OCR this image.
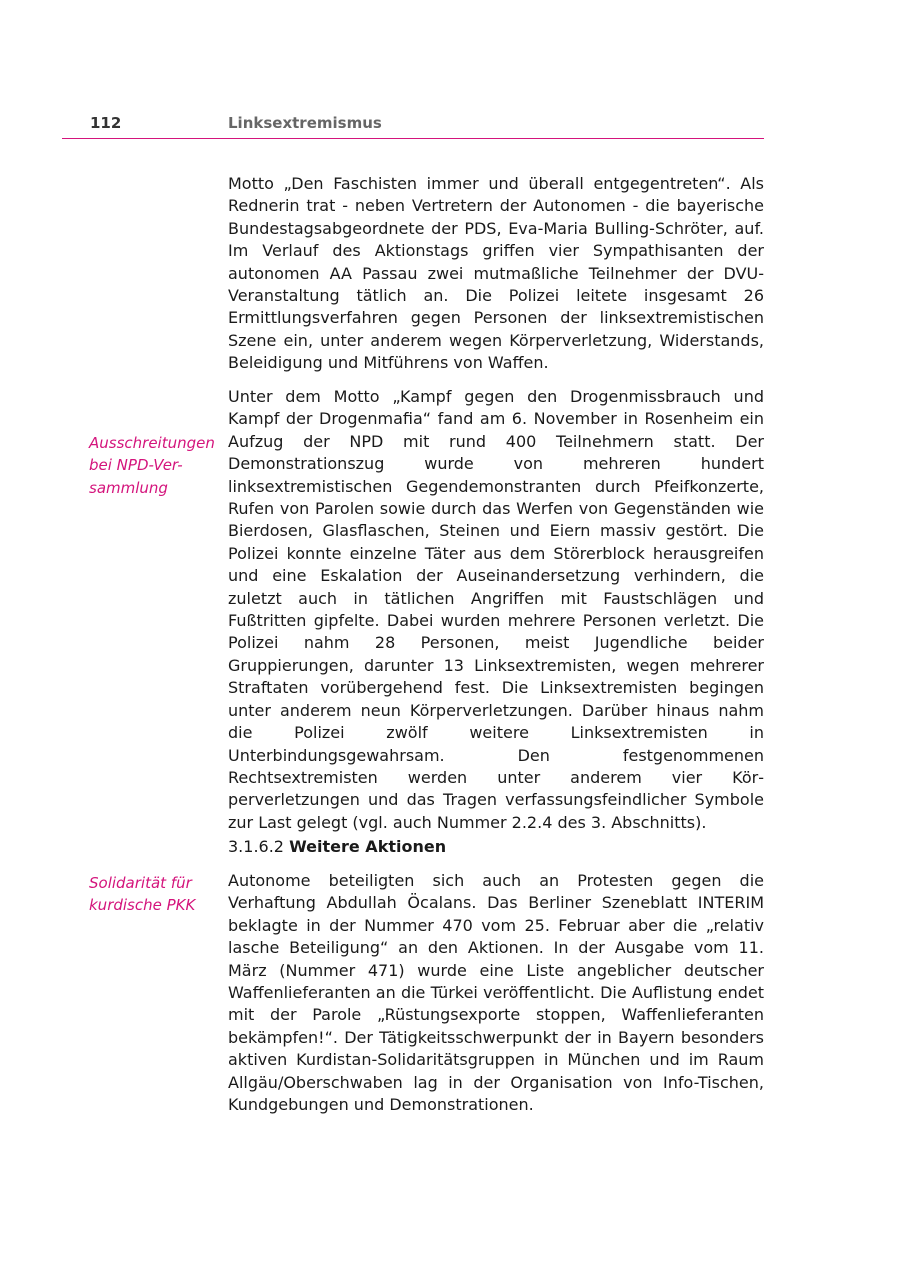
112	Linksextremismus
Ausschreitungen
bei NPD-Ver-
sammlung
Solidarität für
kurdische PKK

Motto „Den Faschisten immer und überall entgegentreten“. Als Rednerin trat - neben Vertretern der Autonomen - die bayerische Bundestagsabgeordnete der PDS, Eva-Maria Bulling-Schröter, auf. Im Verlauf des Aktionstags griffen vier Sympathisanten der autonomen AA Passau zwei mutmaßliche Teilnehmer der DVU-Veranstaltung tätlich an. Die Polizei leitete insgesamt 26 Ermittlungsverfahren gegen Personen der linksextremistischen Szene ein, unter anderem wegen Körperverletzung, Widerstands, Beleidigung und Mitführens von Waffen.

Unter dem Motto „Kampf gegen den Drogenmissbrauch und Kampf der Drogenmafia“ fand am 6. November in Rosenheim ein Aufzug der NPD mit rund 400 Teilnehmern statt. Der Demonstrationszug wurde von mehreren hundert linksextremistischen Gegendemonstranten durch Pfeifkonzerte, Rufen von Parolen sowie durch das Werfen von Gegenständen wie Bierdosen, Glasflaschen, Steinen und Eiern massiv gestört. Die Polizei konnte einzelne Täter aus dem Störerblock herausgreifen und eine Eskalation der Auseinandersetzung verhindern, die zuletzt auch in tätlichen Angriffen mit Faustschlägen und Fußtritten gipfelte. Dabei wurden mehrere Personen verletzt. Die Polizei nahm 28 Personen, meist Jugendliche beider Gruppierungen, darunter 13 Linksextremisten, wegen mehrerer Straftaten vorübergehend fest. Die Linksextremisten begingen unter anderem neun Körperverletzungen. Darüber hinaus nahm die Polizei zwölf weitere Linksextremisten in Unterbindungsgewahrsam. Den festgenommenen Rechtsextremisten werden unter anderem vier Körperverletzungen und das Tragen verfassungsfeindlicher Symbole zur Last gelegt (vgl. auch Nummer 2.2.4 des 3. Abschnitts).

3.1.6.2 Weitere Aktionen

Autonome beteiligten sich auch an Protesten gegen die Verhaftung Abdullah Öcalans. Das Berliner Szeneblatt INTERIM beklagte in der Nummer 470 vom 25. Februar aber die „relativ lasche Beteiligung“ an den Aktionen. In der Ausgabe vom 11. März (Nummer 471) wurde eine Liste angeblicher deutscher Waffenlieferanten an die Türkei veröffentlicht. Die Auflistung endet mit der Parole „Rüstungsexporte stoppen, Waffenlieferanten bekämpfen!“. Der Tätigkeitsschwerpunkt der in Bayern besonders aktiven Kurdistan-Solidaritätsgruppen in München und im Raum Allgäu/Oberschwaben lag in der Organisation von Info-Tischen, Kundgebungen und Demonstrationen.
